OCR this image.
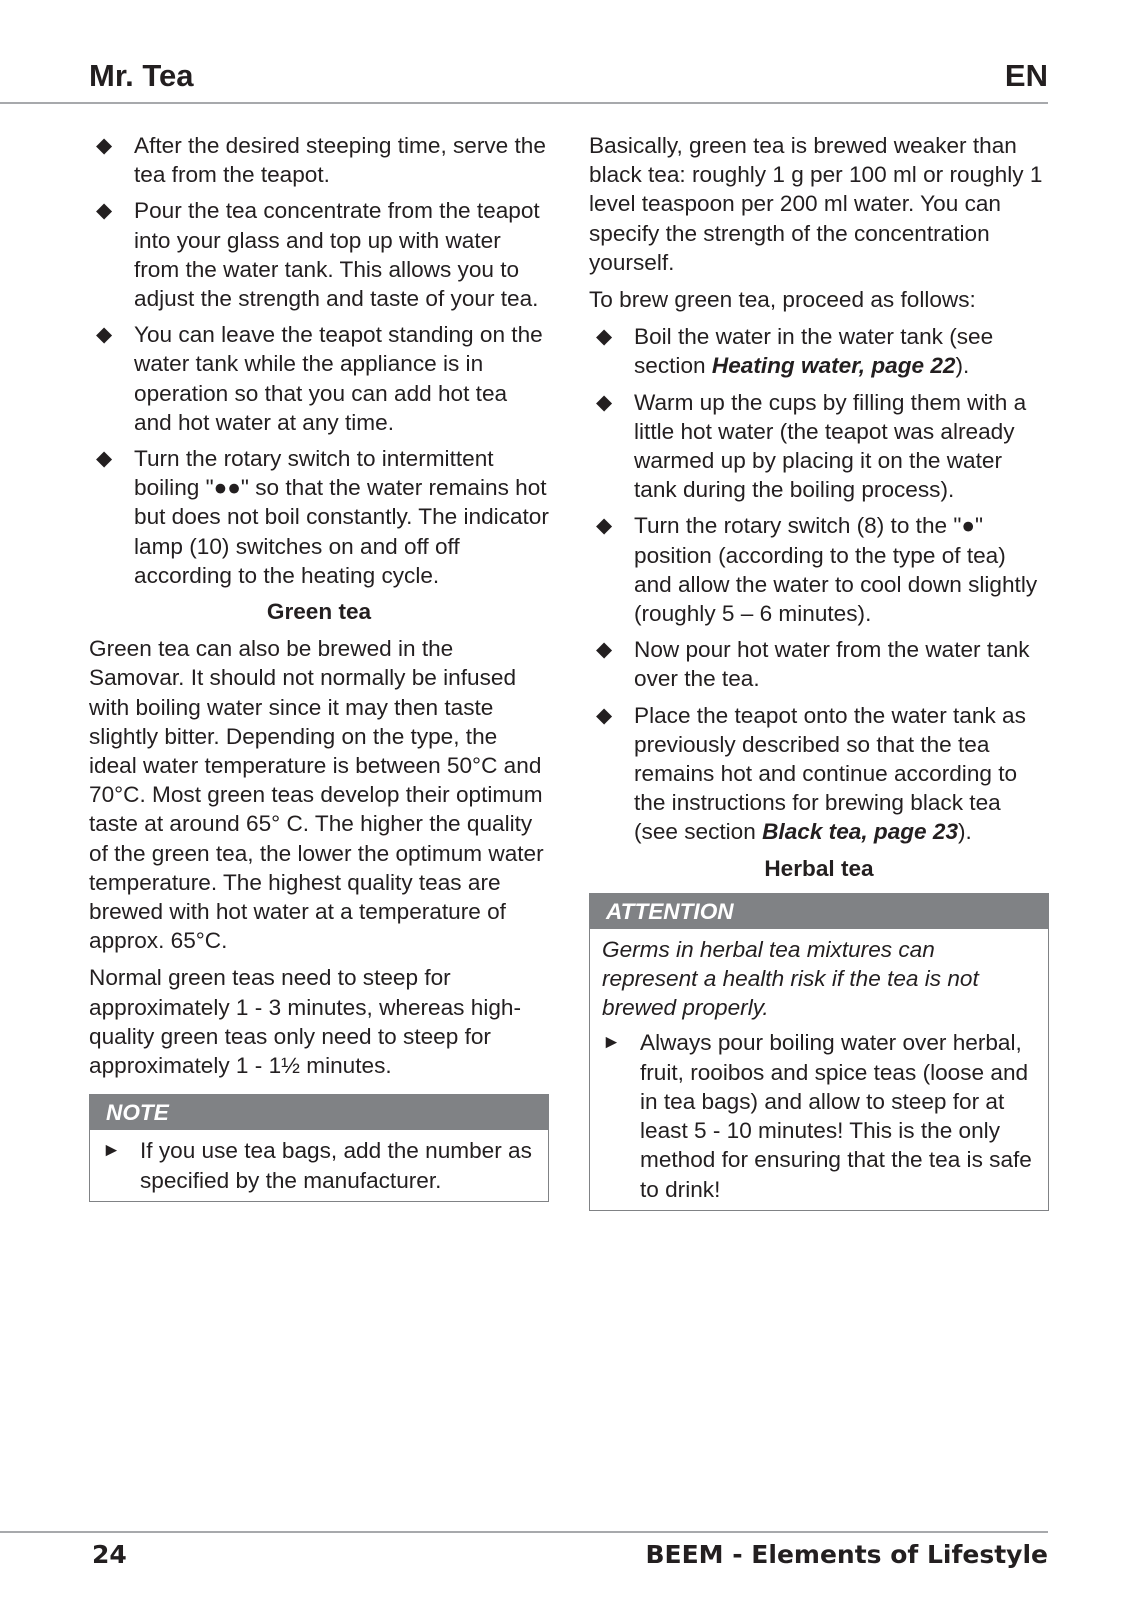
Mr. Tea	EN
◆ After the desired steeping time, serve the tea from the teapot.
◆ Pour the tea concentrate from the teapot into your glass and top up with water from the water tank. This allows you to adjust the strength and taste of your tea.
◆ You can leave the teapot standing on the water tank while the appliance is in operation so that you can add hot tea and hot water at any time.
◆ Turn the rotary switch to intermittent boiling "●●" so that the water remains hot but does not boil constantly. The indicator lamp (10) switches on and off off according to the heating cycle.
Green tea

Green tea can also be brewed in the Samovar. It should not normally be infused with boiling water since it may then taste slightly bitter. Depending on the type, the ideal water temperature is between 50°C and 70°C. Most green teas develop their optimum taste at around 65° C. The higher the quality of the green tea, the lower the optimum water temperature. The highest quality teas are brewed with hot water at a temperature of approx. 65°C.

Normal green teas need to steep for approximately 1 - 3 minutes, whereas high-quality green teas only need to steep for approximately 1 - 1½ minutes.

NOTE
► If you use tea bags, add the number as specified by the manufacturer.

Basically, green tea is brewed weaker than black tea: roughly 1 g per 100 ml or roughly 1 level teaspoon per 200 ml water. You can specify the strength of the concentration yourself.

To brew green tea, proceed as follows:

◆ Boil the water in the water tank (see section Heating water, page 22).
◆ Warm up the cups by filling them with a little hot water (the teapot was already warmed up by placing it on the water tank during the boiling process).
◆ Turn the rotary switch (8) to the "●" position (according to the type of tea) and allow the water to cool down slightly (roughly 5 – 6 minutes).
◆ Now pour hot water from the water tank over the tea.
◆ Place the teapot onto the water tank as previously described so that the tea remains hot and continue according to the instructions for brewing black tea (see section Black tea, page 23).
Herbal tea
ATTENTION

Germs in herbal tea mixtures can represent a health risk if the tea is not brewed properly.

► Always pour boiling water over herbal, fruit, rooibos and spice teas (loose and in tea bags) and allow to steep for at least 5 - 10 minutes! This is the only method for ensuring that the tea is safe to drink!
24	BEEM - Elements of Lifestyle
